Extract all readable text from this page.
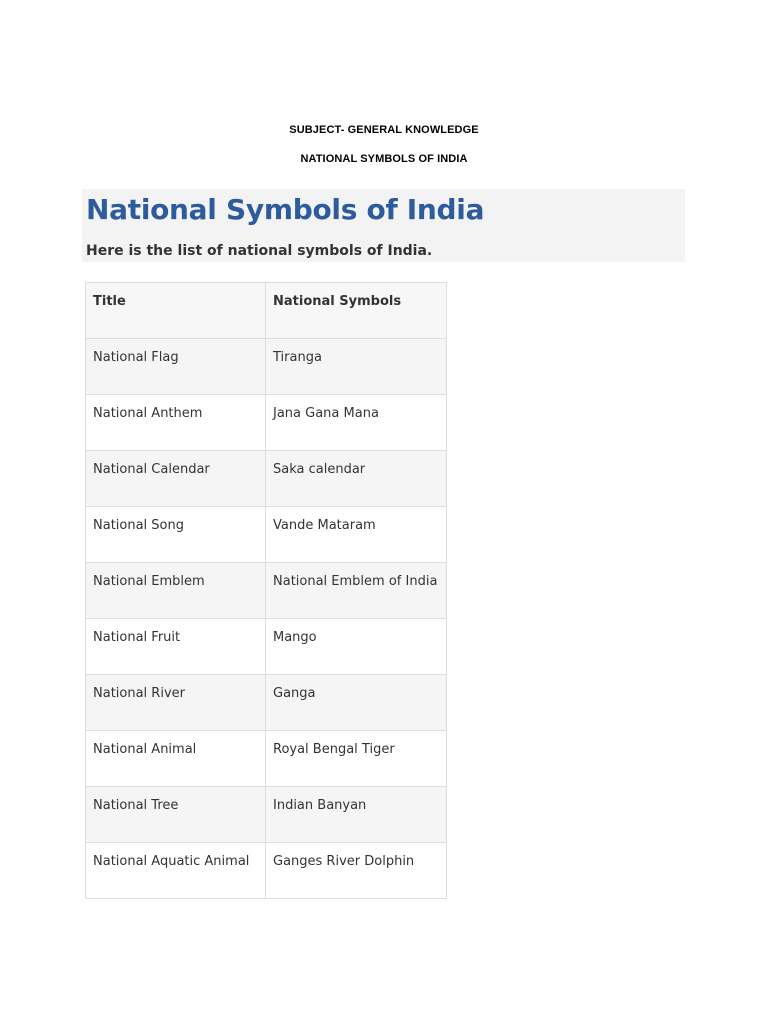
SUBJECT- GENERAL KNOWLEDGE
NATIONAL SYMBOLS OF INDIA
National Symbols of India

Here is the list of national symbols of India.

Title	National Symbols

National Flag	Tiranga

National Anthem	Jana Gana Mana

National Calendar	Saka calendar

National Song	Vande Mataram

National Emblem	National Emblem of India

National Fruit	Mango

National River	Ganga

National Animal	Royal Bengal Tiger

National Tree	Indian Banyan

National Aquatic Animal	Ganges River Dolphin
